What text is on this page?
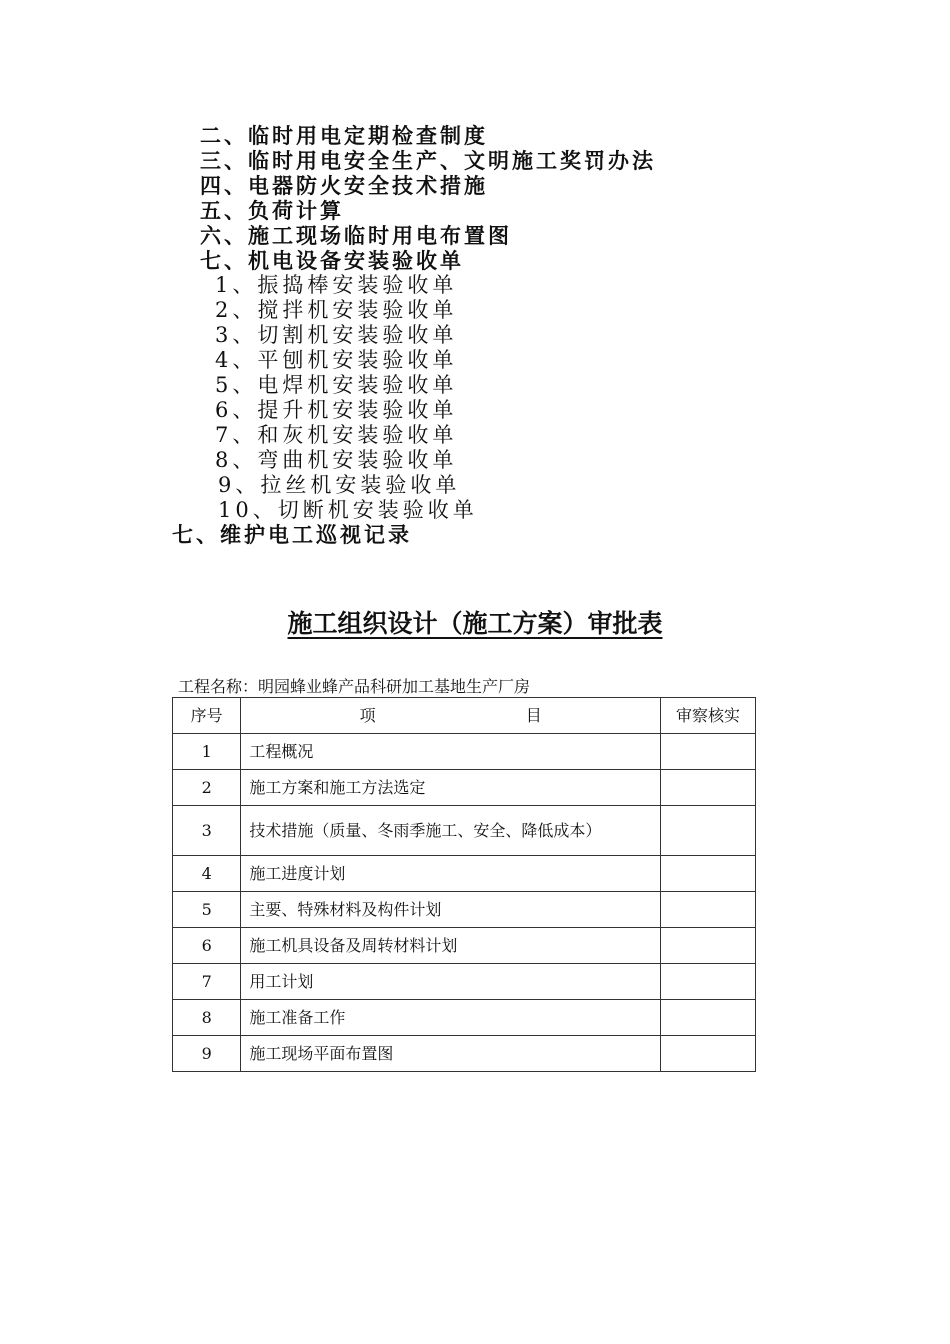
二、临时用电定期检查制度
三、临时用电安全生产、文明施工奖罚办法
四、电器防火安全技术措施
五、负荷计算
六、施工现场临时用电布置图
七、机电设备安装验收单
1、振捣棒安装验收单
2、搅拌机安装验收单
3、切割机安装验收单
4、平刨机安装验收单
5、电焊机安装验收单
6、提升机安装验收单
7、和灰机安装验收单
8、弯曲机安装验收单
9、拉丝机安装验收单
10、切断机安装验收单
七、维护电工巡视记录
施工组织设计（施工方案）审批表
工程名称：明园蜂业蜂产品科研加工基地生产厂房
序号	项 目	审察核实
1	工程概况	
2	施工方案和施工方法选定	
3	技术措施（质量、冬雨季施工、安全、降低成本）	
4	施工进度计划	
5	主要、特殊材料及构件计划	
6	施工机具设备及周转材料计划	
7	用工计划	
8	施工准备工作	
9	施工现场平面布置图	
